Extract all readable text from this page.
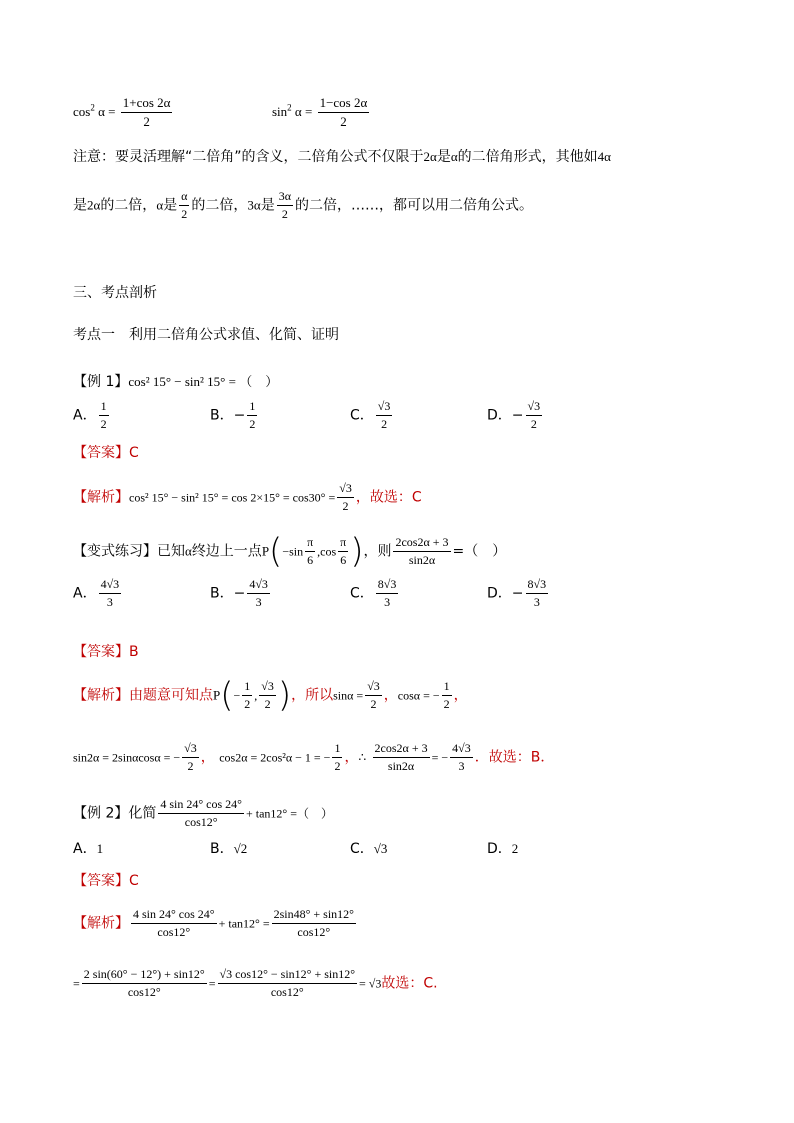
$\cos^2 \alpha = \frac{1+\cos 2\alpha}{2}$	$\sin^2 \alpha = \frac{1-\cos 2\alpha}{2}$
注意：要灵活理解“二倍角”的含义，二倍角公式不仅限于2α是α的二倍角形式，其他如4α
是2α的二倍，α是 $\frac{\alpha}{2}$ 的二倍，3α是 $\frac{3\alpha}{2}$ 的二倍，……，都可以用二倍角公式。
三、考点剖析
考点一　利用二倍角公式求值、化简、证明
【例 1】cos² 15° − sin² 15° = （　）
A． $\frac{1}{2}$	B．− $\frac{1}{2}$	C． $\frac{√3}{2}$	D．− $\frac{√3}{2}$
【答案】C
【解析】cos² 15° − sin² $15^\circ = \cos 2\times 15^\circ = \cos 30^\circ = \frac{√3}{2}$ ，故选：C
【变式练习】已知α终边上一点$P(-\sin \frac{\pi}{6} ,\cos \frac{\pi}{6}$ )，则 $\frac{2\cos 2\alpha + 3}{\sin 2\alpha}$ =（　）
A． $\frac{4√3}{3}$	B．− $\frac{4√3}{3}$	C． $\frac{8√3}{3}$	D．− $\frac{8√3}{3}$
【答案】B
【解析】由题意可知点$P(- \frac{1}{2}$ , $\frac{√3}{2}$ )，所以$\sin\alpha = \frac{√3}{2}$ ，cosα = − $\frac{1}{2}$ ，
sin2α = 2sinαcosα = − $\frac{√3}{2}$ ， cos2α = 2cos²α − 1 = − $\frac{1}{2}$ ，∴ $\frac{2\cos 2\alpha + 3}{\sin 2\alpha}$ = − $\frac{4√3}{3}$ ．故选：B．
【例 2】化简 $\frac{4 \sin 24^\circ \cos 24^\circ}{\cos 12^\circ} + \tan 12^\circ$ =（　）
A．1	B．√2	C．√3	D．2
【答案】C
【解析】 $\frac{4 \sin 24^\circ \cos 24^\circ}{\cos 12^\circ} + \tan 12^\circ = \frac{2\sin 48^\circ + \sin 12^\circ}{\cos 12^\circ}$
= $\frac{2 \sin(60^\circ - 12^\circ) + \sin 12^\circ}{\cos 12^\circ} = \frac{√3 \cos 12^\circ - \sin 12^\circ + \sin 12^\circ}{\cos 12^\circ} = √3$故选：C.
